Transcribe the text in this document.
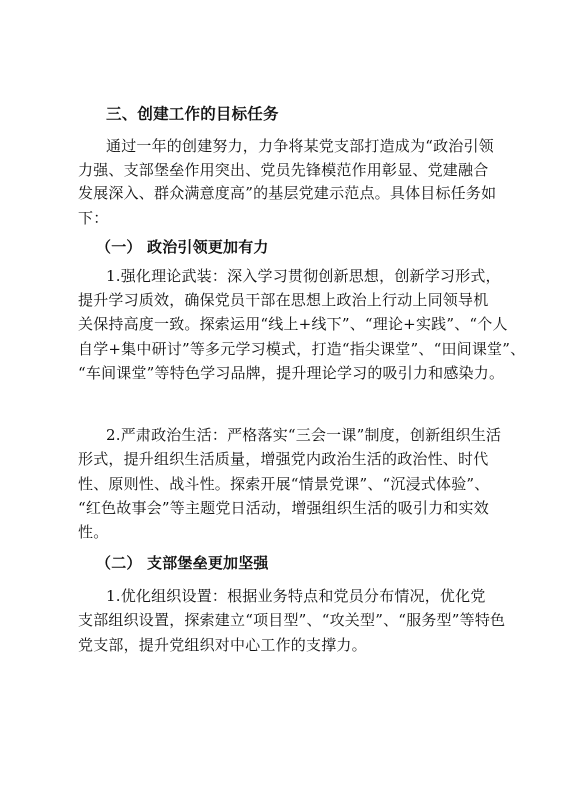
三、创建工作的目标任务
通过一年的创建努力，力争将某党支部打造成为“政治引领
力强、支部堡垒作用突出、党员先锋模范作用彰显、党建融合
发展深入、群众满意度高”的基层党建示范点。具体目标任务如
下：
（一） 政治引领更加有力
1.强化理论武装：深入学习贯彻创新思想，创新学习形式，
提升学习质效，确保党员干部在思想上政治上行动上同领导机
关保持高度一致。探索运用“线上+线下”、“理论+实践”、“个人
自学+集中研讨”等多元学习模式，打造“指尖课堂”、“田间课堂”、
“车间课堂”等特色学习品牌，提升理论学习的吸引力和感染力。
2.严肃政治生活：严格落实“三会一课”制度，创新组织生活
形式，提升组织生活质量，增强党内政治生活的政治性、时代
性、原则性、战斗性。探索开展“情景党课”、“沉浸式体验”、
“红色故事会”等主题党日活动，增强组织生活的吸引力和实效
性。
（二） 支部堡垒更加坚强
1.优化组织设置：根据业务特点和党员分布情况，优化党
支部组织设置，探索建立“项目型”、“攻关型”、“服务型”等特色
党支部，提升党组织对中心工作的支撑力。
